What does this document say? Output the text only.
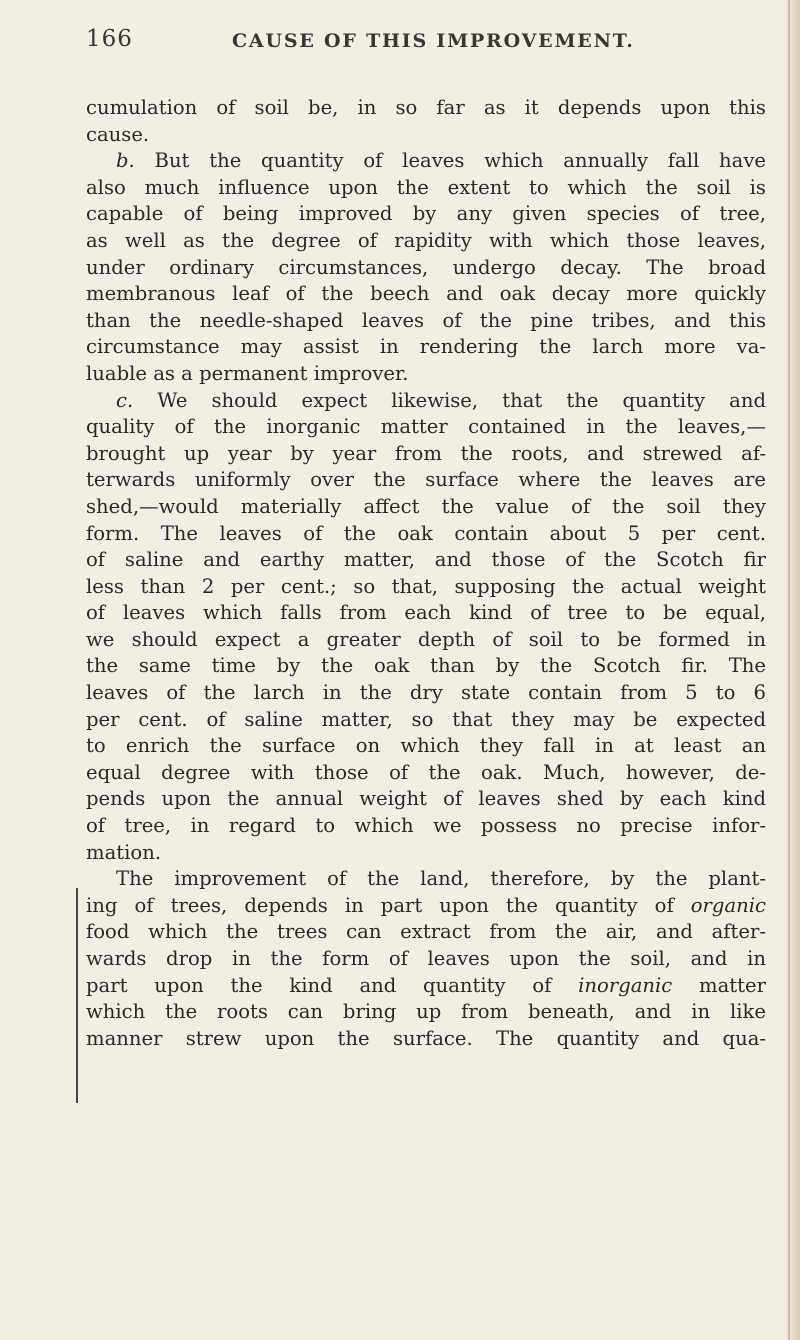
166	CAUSE OF THIS IMPROVEMENT.
cumulation of soil be, in so far as it depends upon this
cause.
b. But the quantity of leaves which annually fall have
also much influence upon the extent to which the soil is
capable of being improved by any given species of tree,
as well as the degree of rapidity with which those leaves,
under ordinary circumstances, undergo decay. The broad
membranous leaf of the beech and oak decay more quickly
than the needle-shaped leaves of the pine tribes, and this
circumstance may assist in rendering the larch more va-
luable as a permanent improver.
c. We should expect likewise, that the quantity and
quality of the inorganic matter contained in the leaves,—
brought up year by year from the roots, and strewed af-
terwards uniformly over the surface where the leaves are
shed,—would materially affect the value of the soil they
form. The leaves of the oak contain about 5 per cent.
of saline and earthy matter, and those of the Scotch fir
less than 2 per cent.; so that, supposing the actual weight
of leaves which falls from each kind of tree to be equal,
we should expect a greater depth of soil to be formed in
the same time by the oak than by the Scotch fir. The
leaves of the larch in the dry state contain from 5 to 6
per cent. of saline matter, so that they may be expected
to enrich the surface on which they fall in at least an
equal degree with those of the oak. Much, however, de-
pends upon the annual weight of leaves shed by each kind
of tree, in regard to which we possess no precise infor-
mation.
The improvement of the land, therefore, by the plant-
ing of trees, depends in part upon the quantity of organic
food which the trees can extract from the air, and after-
wards drop in the form of leaves upon the soil, and in
part upon the kind and quantity of inorganic matter
which the roots can bring up from beneath, and in like
manner strew upon the surface. The quantity and qua-
